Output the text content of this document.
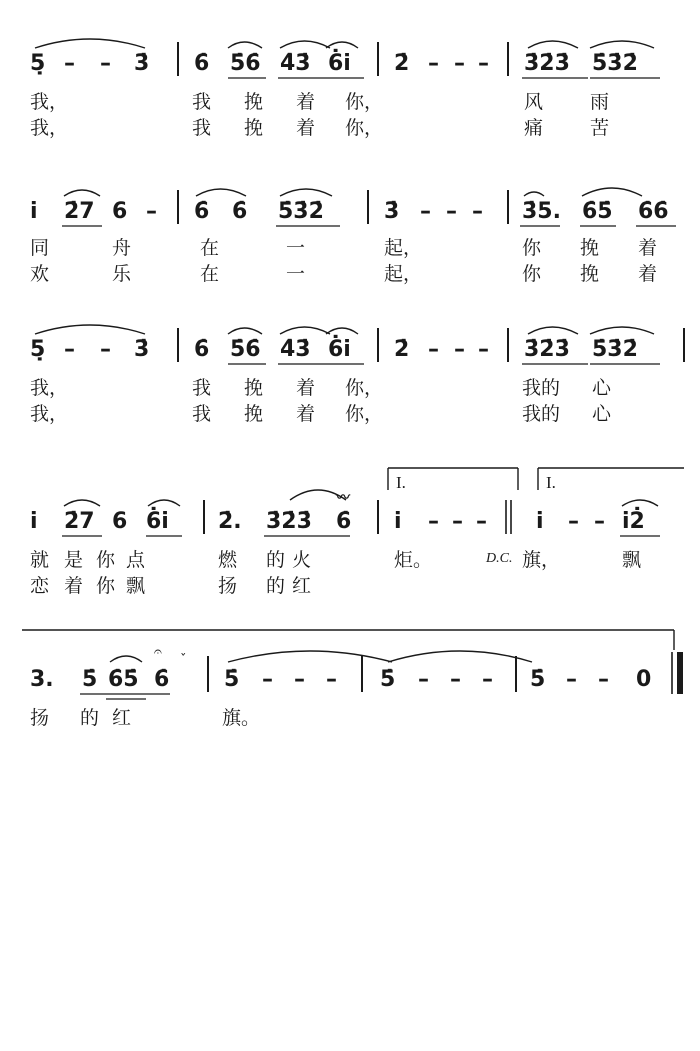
5̣ – – 3̇ 6̇ 5̇6̇ 4̇3̇ 6̇i 2̇ – – – 3̇2̇3̇ 5̇3̇2̇
我，	我 挽 着 你，	风 雨
我，	我 挽 着 你，	痛 苦
i 2̇7 6 – 6̇ 6̇ 5̇3̇2̇	3̇ – – – 3̇5. 6̇5̇ 6̇6̇
同	舟	在	一	起，	你 挽 着
欢	乐	在	一	起，	你 挽 着
5̣ – – 3̇ 6̇ 5̇6̇ 4̇3̇ 6̇i 2̇ – – – 3̇2̇3̇ 5̇3̇2̇
我，	我 挽 着 你，	我的 心
我，	我 挽 着 你，	我的 心
I.	I.
〰
i 2̇7 6 6̇i 2̇. 3̇2̇3̇ 6̇ i – – – i – – i2̇
就 是 你 点	燃 的 火	炬。	D.C. 旗，	飘
恋 着 你 飘	扬 的 红
𝄐
ˇ
3. 5̇ 6̇5̇ 6̇ 5̇ – – – 5̇ – – – 5̇ – – 0
扬 的 红	旗。
